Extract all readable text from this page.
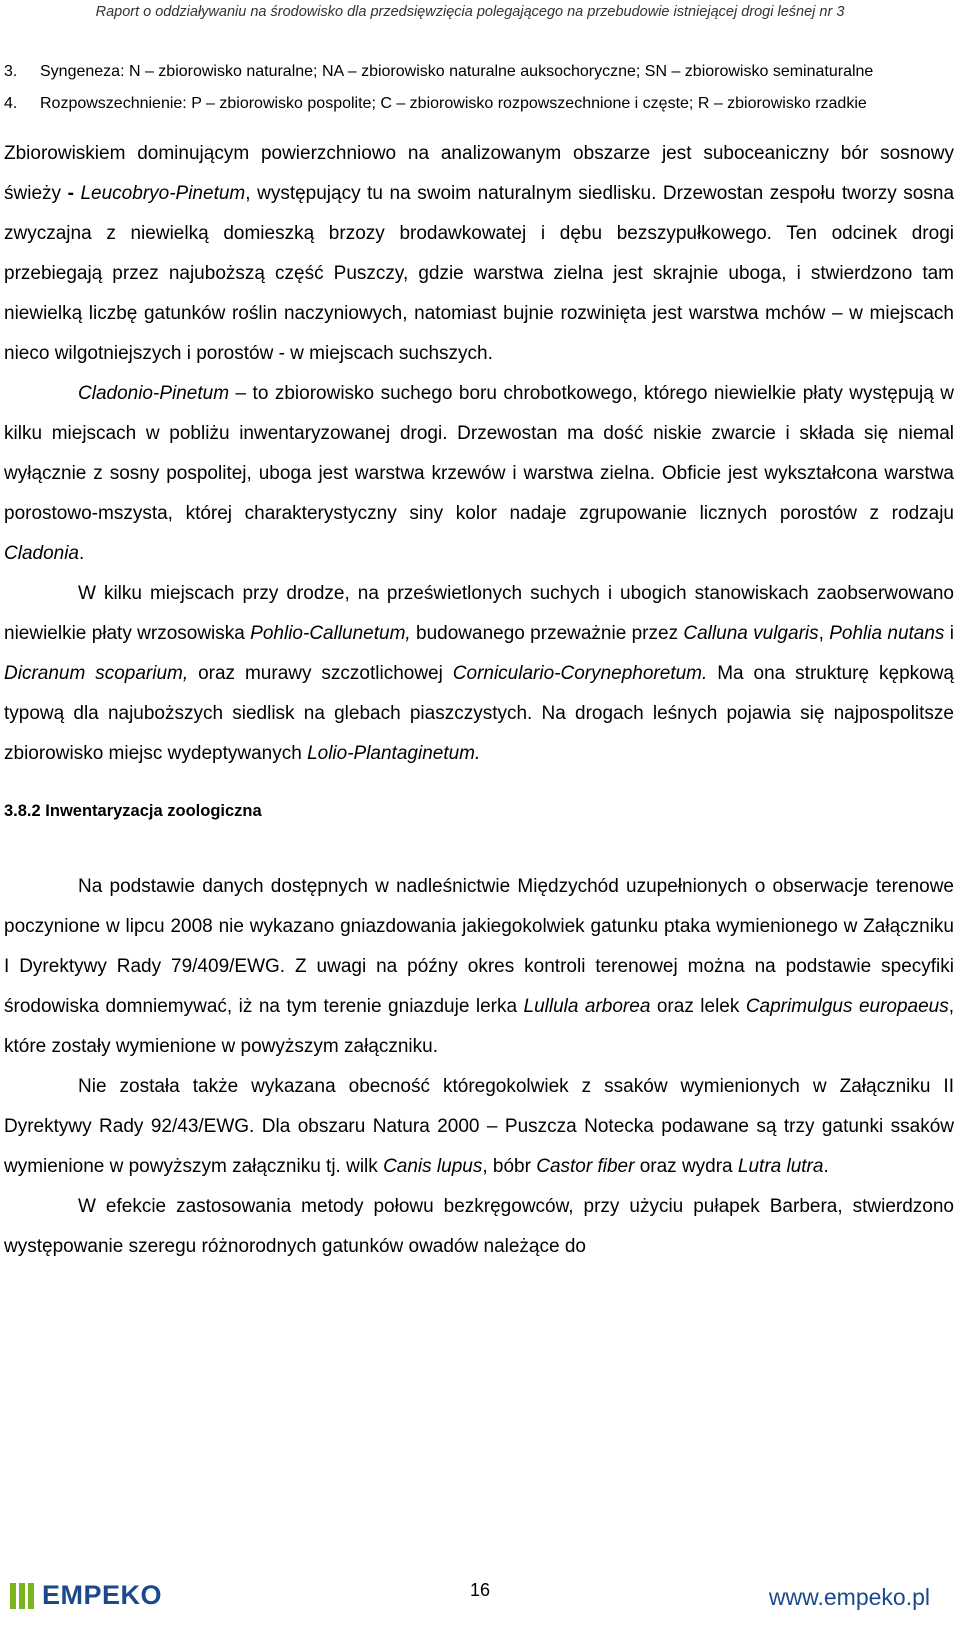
Raport o oddziaływaniu na środowisko dla przedsięwzięcia polegającego na przebudowie istniejącej drogi leśnej nr 3
3.	Syngeneza: N – zbiorowisko naturalne; NA – zbiorowisko naturalne auksochoryczne; SN – zbiorowisko seminaturalne
4.	Rozpowszechnienie: P – zbiorowisko pospolite; C – zbiorowisko rozpowszechnione i częste; R – zbiorowisko rzadkie

Zbiorowiskiem dominującym powierzchniowo na analizowanym obszarze jest suboceaniczny bór sosnowy świeży - Leucobryo-Pinetum, występujący tu na swoim naturalnym siedlisku. Drzewostan zespołu tworzy sosna zwyczajna z niewielką domieszką brzozy brodawkowatej i dębu bezszypułkowego. Ten odcinek drogi przebiegają przez najuboższą część Puszczy, gdzie warstwa zielna jest skrajnie uboga, i stwierdzono tam niewielką liczbę gatunków roślin naczyniowych, natomiast bujnie rozwinięta jest warstwa mchów – w miejscach nieco wilgotniejszych i porostów - w miejscach suchszych.

Cladonio-Pinetum – to zbiorowisko suchego boru chrobotkowego, którego niewielkie płaty występują w kilku miejscach w pobliżu inwentaryzowanej drogi. Drzewostan ma dość niskie zwarcie i składa się niemal wyłącznie z sosny pospolitej, uboga jest warstwa krzewów i warstwa zielna. Obficie jest wykształcona warstwa porostowo-mszysta, której charakterystyczny siny kolor nadaje zgrupowanie licznych porostów z rodzaju Cladonia.

W kilku miejscach przy drodze, na prześwietlonych suchych i ubogich stanowiskach zaobserwowano niewielkie płaty wrzosowiska Pohlio-Callunetum, budowanego przeważnie przez Calluna vulgaris, Pohlia nutans i Dicranum scoparium, oraz murawy szczotlichowej Corniculario-Corynephoretum. Ma ona strukturę kępkową typową dla najuboższych siedlisk na glebach piaszczystych. Na drogach leśnych pojawia się najpospolitsze zbiorowisko miejsc wydeptywanych Lolio-Plantaginetum.

3.8.2 Inwentaryzacja zoologiczna

Na podstawie danych dostępnych w nadleśnictwie Międzychód uzupełnionych o obserwacje terenowe poczynione w lipcu 2008 nie wykazano gniazdowania jakiegokolwiek gatunku ptaka wymienionego w Załączniku I Dyrektywy Rady 79/409/EWG. Z uwagi na późny okres kontroli terenowej można na podstawie specyfiki środowiska domniemywać, iż na tym terenie gniazduje lerka Lullula arborea oraz lelek Caprimulgus europaeus, które zostały wymienione w powyższym załączniku.

Nie została także wykazana obecność któregokolwiek z ssaków wymienionych w Załączniku II Dyrektywy Rady 92/43/EWG. Dla obszaru Natura 2000 – Puszcza Notecka podawane są trzy gatunki ssaków wymienione w powyższym załączniku tj. wilk Canis lupus, bóbr Castor fiber oraz wydra Lutra lutra.

W efekcie zastosowania metody połowu bezkręgowców, przy użyciu pułapek Barbera, stwierdzono występowanie szeregu różnorodnych gatunków owadów należące do

EMPEKO	16	www.empeko.pl
